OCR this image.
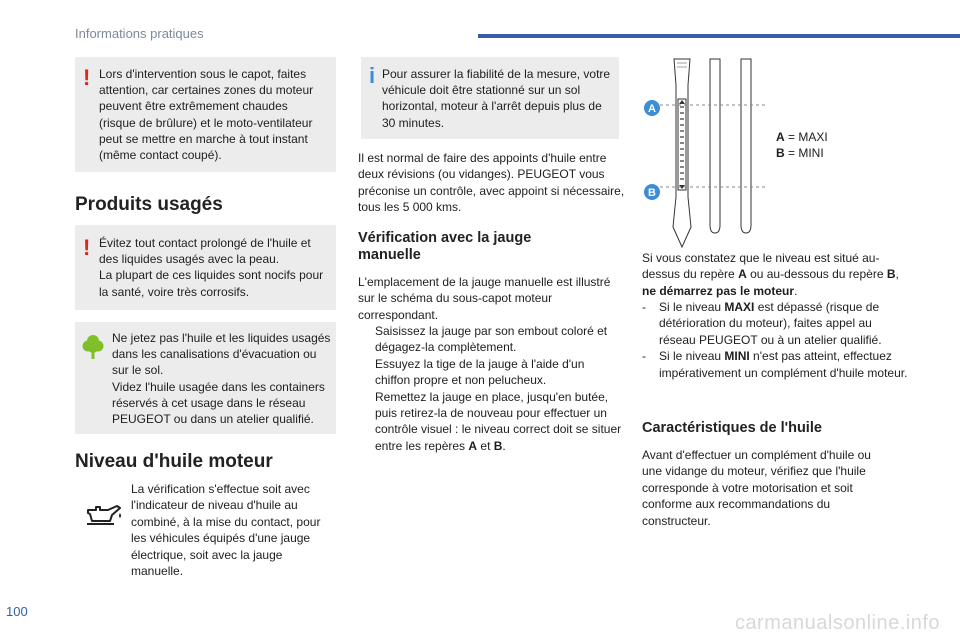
Informations pratiques
100
carmanualsonline.info
! Lors d'intervention sous le capot, faites attention, car certaines zones du moteur peuvent être extrêmement chaudes (risque de brûlure) et le moto-ventilateur peut se mettre en marche à tout instant (même contact coupé).

Produits usagés
! Évitez tout contact prolongé de l'huile et des liquides usagés avec la peau.
La plupart de ces liquides sont nocifs pour la santé, voire très corrosifs.

Ne jetez pas l'huile et les liquides usagés dans les canalisations d'évacuation ou sur le sol.
Videz l'huile usagée dans les containers réservés à cet usage dans le réseau PEUGEOT ou dans un atelier qualifié.

Niveau d'huile moteur

La vérification s'effectue soit avec l'indicateur de niveau d'huile au combiné, à la mise du contact, pour les véhicules équipés d'une jauge électrique, soit avec la jauge manuelle.

i Pour assurer la fiabilité de la mesure, votre véhicule doit être stationné sur un sol horizontal, moteur à l'arrêt depuis plus de 30 minutes.

Il est normal de faire des appoints d'huile entre deux révisions (ou vidanges). PEUGEOT vous préconise un contrôle, avec appoint si nécessaire, tous les 5 000 kms.

Vérification avec la jauge manuelle

L'emplacement de la jauge manuelle est illustré sur le schéma du sous-capot moteur correspondant.

Saisissez la jauge par son embout coloré et dégagez-la complètement.
Essuyez la tige de la jauge à l'aide d'un chiffon propre et non pelucheux.
Remettez la jauge en place, jusqu'en butée, puis retirez-la de nouveau pour effectuer un contrôle visuel : le niveau correct doit se situer entre les repères A et B.
A
B
A = MAXI
B = MINI

Si vous constatez que le niveau est situé au-dessus du repère A ou au-dessous du repère B, ne démarrez pas le moteur.

- Si le niveau MAXI est dépassé (risque de détérioration du moteur), faites appel au réseau PEUGEOT ou à un atelier qualifié.
- Si le niveau MINI n'est pas atteint, effectuez impérativement un complément d'huile moteur.
Caractéristiques de l'huile

Avant d'effectuer un complément d'huile ou une vidange du moteur, vérifiez que l'huile corresponde à votre motorisation et soit conforme aux recommandations du constructeur.
